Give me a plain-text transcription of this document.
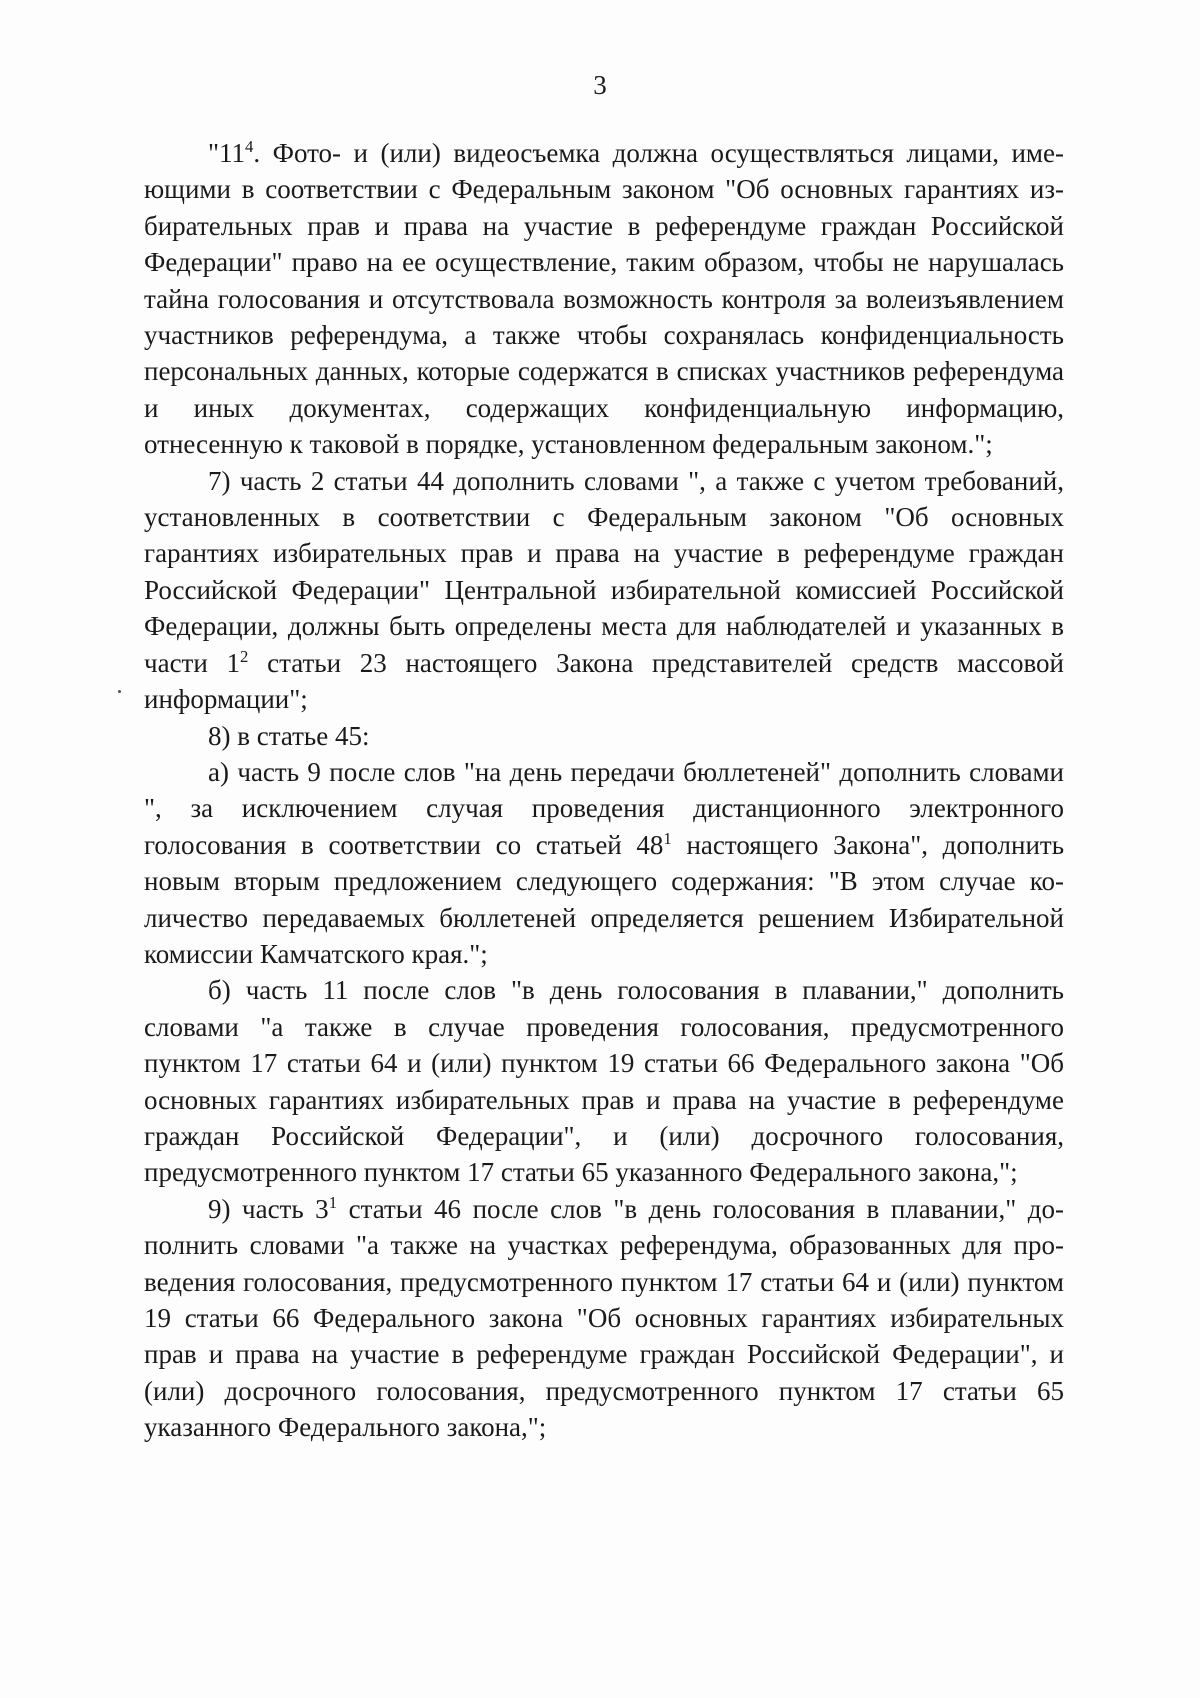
3

"$11^4$. Фото- и (или) видеосъемка должна осуществляться лицами, имеющими в соответствии с Федеральным законом "Об основных гарантиях избирательных прав и права на участие в референдуме граждан Российской Федерации" право на ее осуществление, таким образом, чтобы не нарушалась тайна голосования и отсутствовала возможность контроля за волеизъявлением участников референдума, а также чтобы сохранялась конфиденциальность персональных данных, которые содержатся в списках участников референдума и иных документах, содержащих конфиденциальную информацию, отнесенную к таковой в порядке, установленном федеральным законом.";

7) часть 2 статьи 44 дополнить словами ", а также с учетом требований, установленных в соответствии с Федеральным законом "Об основных гарантиях избирательных прав и права на участие в референдуме граждан Российской Федерации" Центральной избирательной комиссией Российской Федерации, должны быть определены места для наблюдателей и указанных в части $1^2$ статьи 23 настоящего Закона представителей средств массовой информации";

8) в статье 45:

а) часть 9 после слов "на день передачи бюллетеней" дополнить словами ", за исключением случая проведения дистанционного электронного голосования в соответствии со статьей $48^1$ настоящего Закона", дополнить новым вторым предложением следующего содержания: "В этом случае количество передаваемых бюллетеней определяется решением Избирательной комиссии Камчатского края.";

б) часть 11 после слов "в день голосования в плавании," дополнить словами "а также в случае проведения голосования, предусмотренного пунктом 17 статьи 64 и (или) пунктом 19 статьи 66 Федерального закона "Об основных гарантиях избирательных прав и права на участие в референдуме граждан Российской Федерации", и (или) досрочного голосования, предусмотренного пунктом 17 статьи 65 указанного Федерального закона,";

9) часть $3^1$ статьи 46 после слов "в день голосования в плавании," дополнить словами "а также на участках референдума, образованных для проведения голосования, предусмотренного пунктом 17 статьи 64 и (или) пунктом 19 статьи 66 Федерального закона "Об основных гарантиях избирательных прав и права на участие в референдуме граждан Российской Федерации", и (или) досрочного голосования, предусмотренного пунктом 17 статьи 65 указанного Федерального закона,";
